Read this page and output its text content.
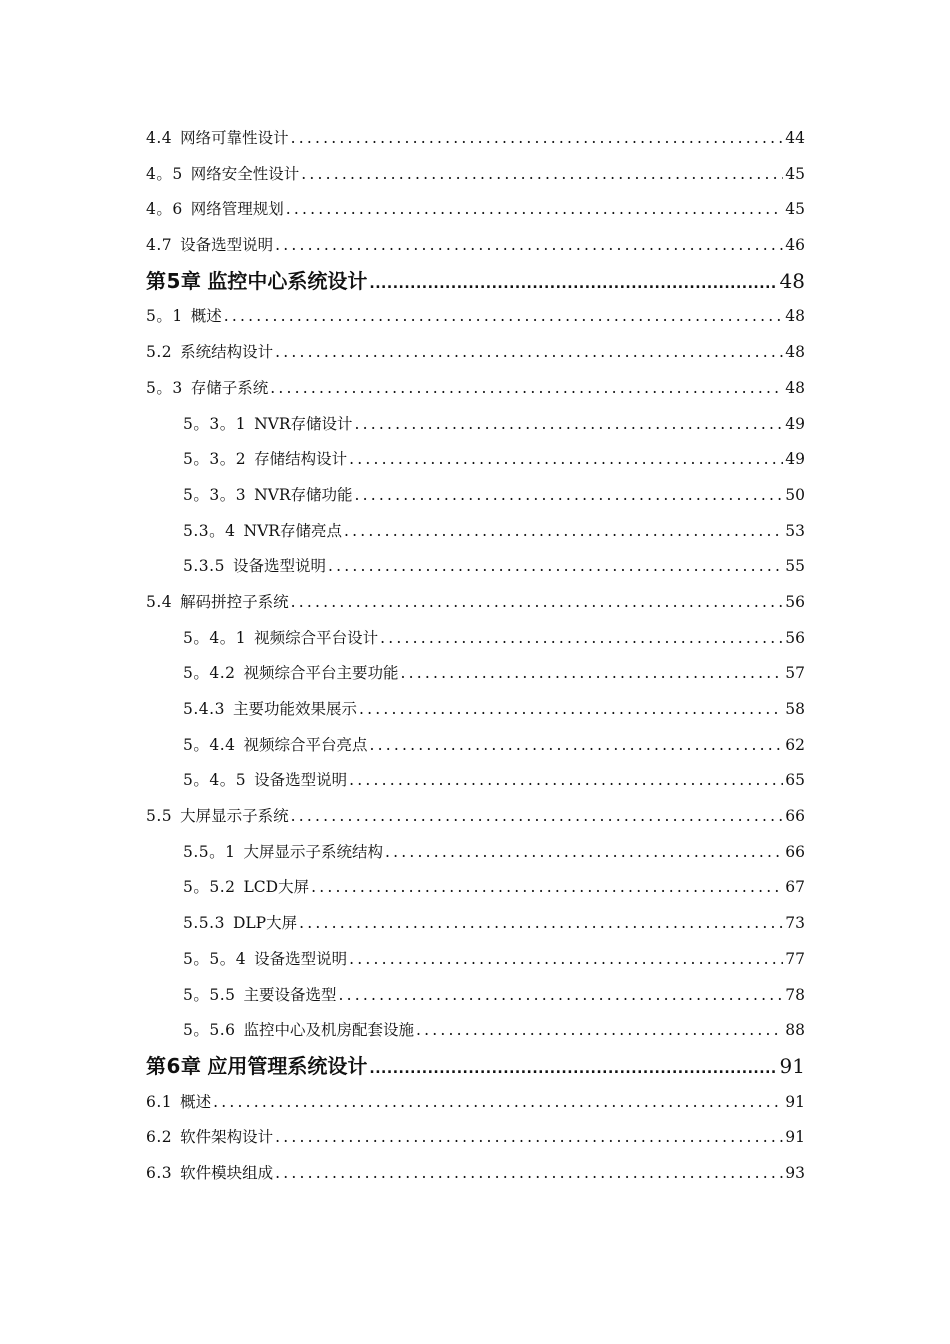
4.4 网络可靠性设计 .....	44
4。5 网络安全性设计 .....	45
4。6 网络管理规划 .....	45
4.7 设备选型说明 .....	46
第5章 监控中心系统设计 .....	48
5。1 概述 .....	48
5.2 系统结构设计 .....	48
5。3 存储子系统 .....	48
5。3。1 NVR存储设计 .....	49
5。3。2 存储结构设计 .....	49
5。3。3 NVR存储功能 .....	50
5.3。4 NVR存储亮点 .....	53
5.3.5 设备选型说明 .....	55
5.4 解码拼控子系统 .....	56
5。4。1 视频综合平台设计 .....	56
5。4.2 视频综合平台主要功能 .....	57
5.4.3 主要功能效果展示 .....	58
5。4.4 视频综合平台亮点 .....	62
5。4。5 设备选型说明 .....	65
5.5 大屏显示子系统 .....	66
5.5。1 大屏显示子系统结构 .....	66
5。5.2 LCD大屏 .....	67
5.5.3 DLP大屏 .....	73
5。5。4 设备选型说明 .....	77
5。5.5 主要设备选型 .....	78
5。5.6 监控中心及机房配套设施 .....	88
第6章 应用管理系统设计 .....	91
6.1 概述 .....	91
6.2 软件架构设计 .....	91
6.3 软件模块组成 .....	93
